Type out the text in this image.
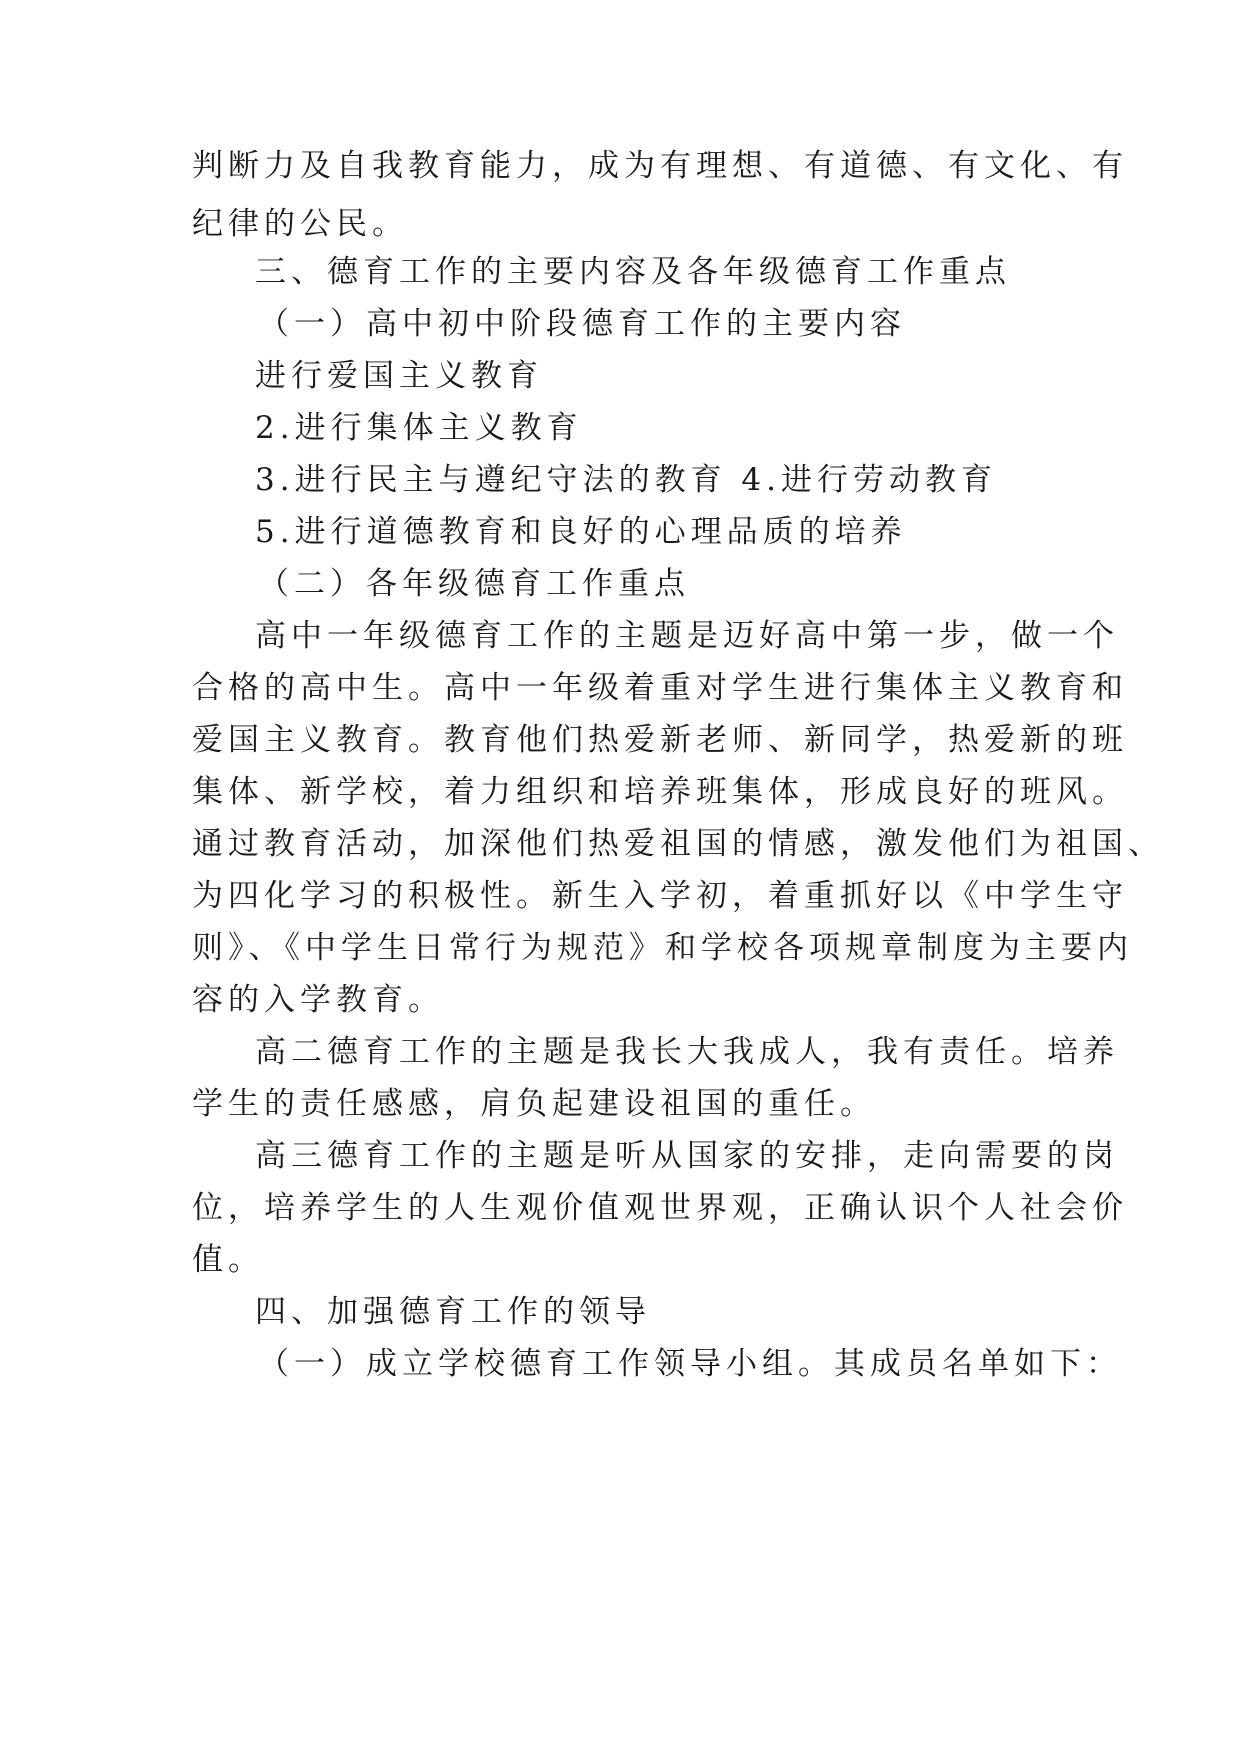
判断力及自我教育能力，成为有理想、有道德、有文化、有
纪律的公民。
三、德育工作的主要内容及各年级德育工作重点
（一）高中初中阶段德育工作的主要内容
进行爱国主义教育
2.进行集体主义教育
3.进行民主与遵纪守法的教育 4.进行劳动教育
5.进行道德教育和良好的心理品质的培养
（二）各年级德育工作重点
高中一年级德育工作的主题是迈好高中第一步，做一个
合格的高中生。高中一年级着重对学生进行集体主义教育和
爱国主义教育。教育他们热爱新老师、新同学，热爱新的班
集体、新学校，着力组织和培养班集体，形成良好的班风。
通过教育活动，加深他们热爱祖国的情感，激发他们为祖国、
为四化学习的积极性。新生入学初，着重抓好以《中学生守
则》、《中学生日常行为规范》和学校各项规章制度为主要内
容的入学教育。
高二德育工作的主题是我长大我成人，我有责任。培养
学生的责任感感，肩负起建设祖国的重任。
高三德育工作的主题是听从国家的安排，走向需要的岗
位，培养学生的人生观价值观世界观，正确认识个人社会价
值。
四、加强德育工作的领导
（一）成立学校德育工作领导小组。其成员名单如下：
